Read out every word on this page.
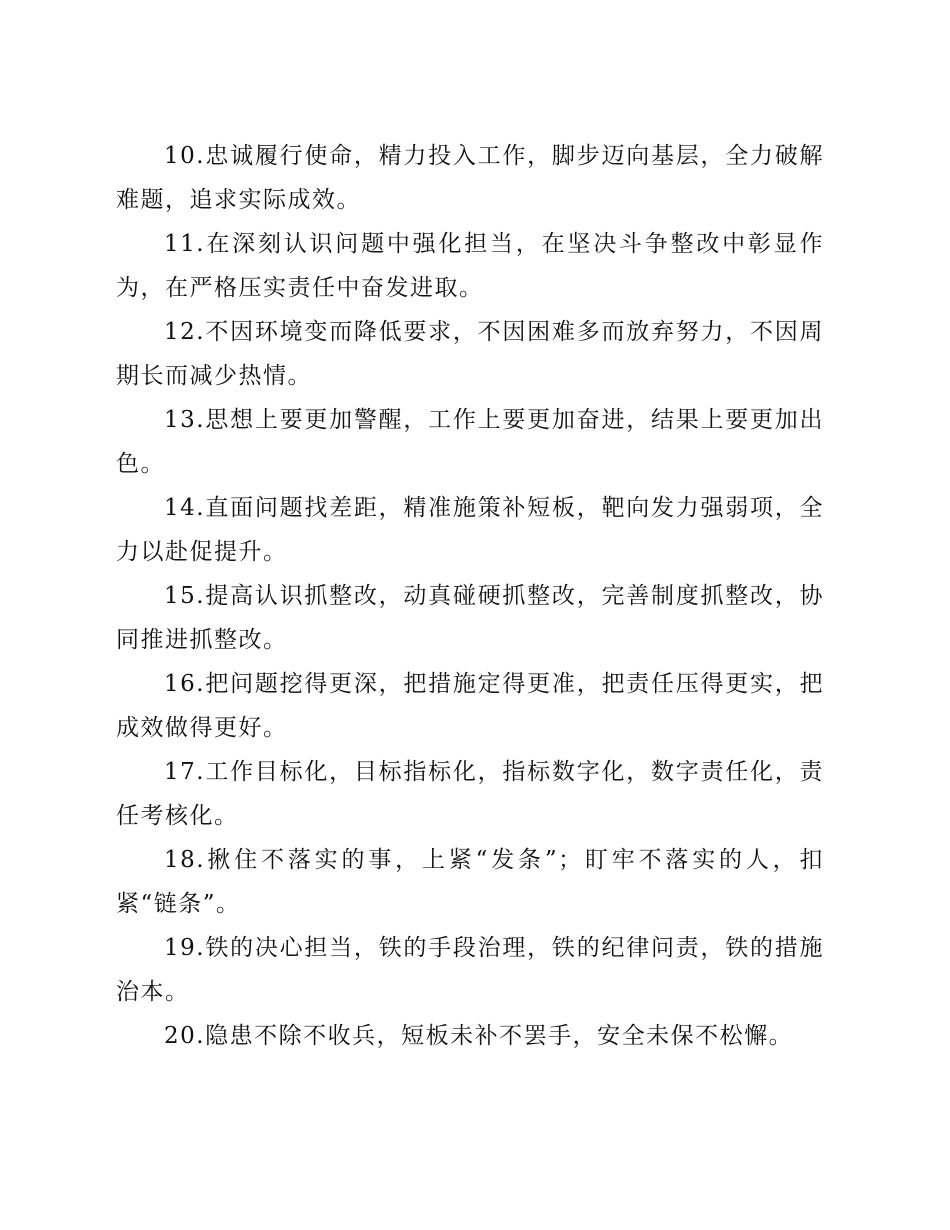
10.忠诚履行使命，精力投入工作，脚步迈向基层，全力破解难题，追求实际成效。

11.在深刻认识问题中强化担当，在坚决斗争整改中彰显作为，在严格压实责任中奋发进取。

12.不因环境变而降低要求，不因困难多而放弃努力，不因周期长而减少热情。

13.思想上要更加警醒，工作上要更加奋进，结果上要更加出色。

14.直面问题找差距，精准施策补短板，靶向发力强弱项，全力以赴促提升。

15.提高认识抓整改，动真碰硬抓整改，完善制度抓整改，协同推进抓整改。

16.把问题挖得更深，把措施定得更准，把责任压得更实，把成效做得更好。

17.工作目标化，目标指标化，指标数字化，数字责任化，责任考核化。

18.揪住不落实的事，上紧“发条”；盯牢不落实的人，扣紧“链条”。

19.铁的决心担当，铁的手段治理，铁的纪律问责，铁的措施治本。

20.隐患不除不收兵，短板未补不罢手，安全未保不松懈。
